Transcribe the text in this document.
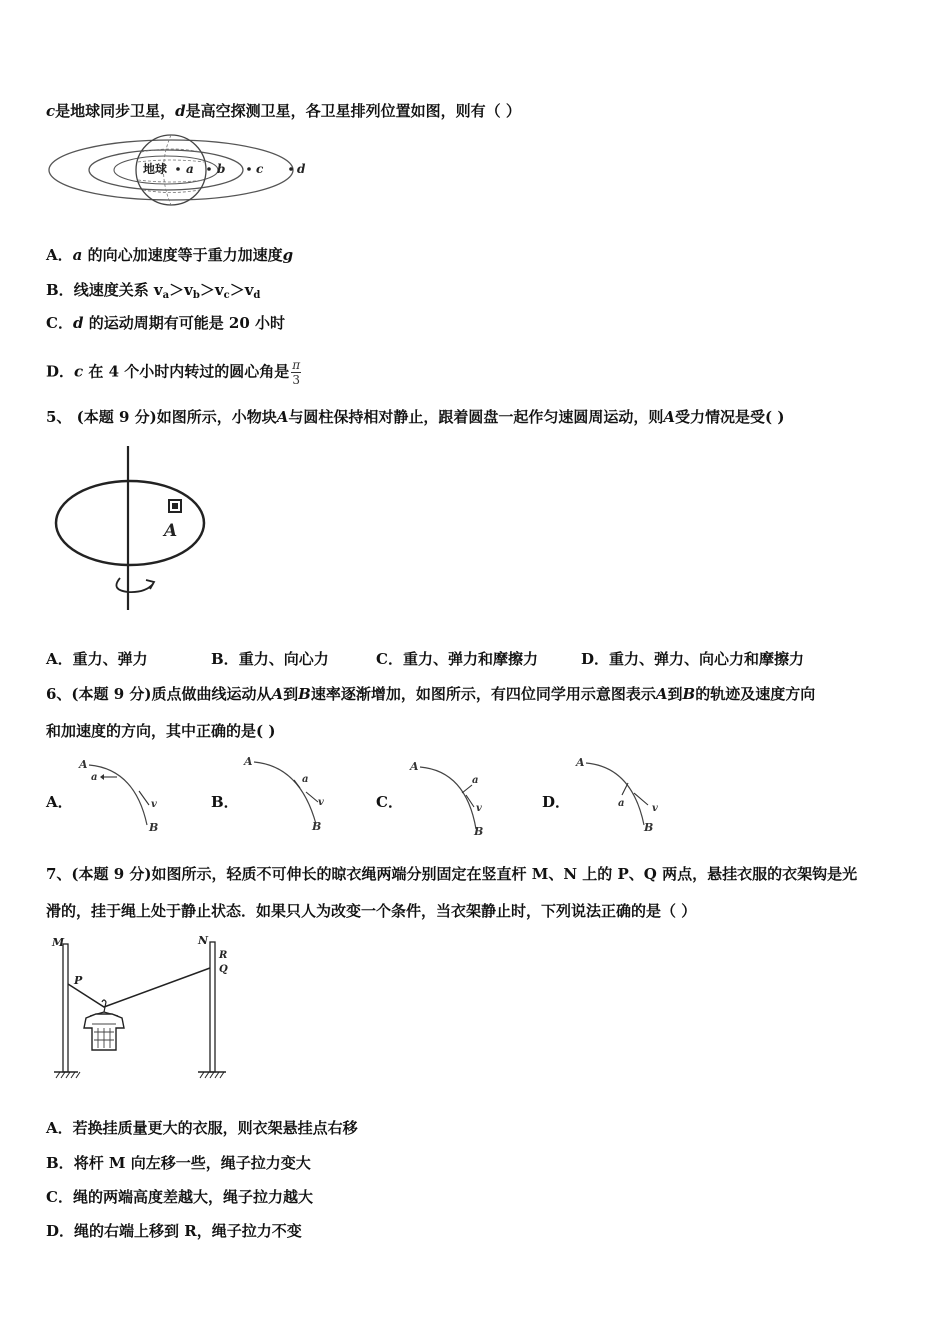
c是地球同步卫星，d是高空探测卫星，各卫星排列位置如图，则有（ ）
地球 a b	c	d
A．a 的向心加速度等于重力加速度g
B．线速度关系 $v_a>v_b>v_c>v_d$
C．d 的运动周期有可能是 20 小时
D．c 在 4 个小时内转过的圆心角是 $\frac{\pi}{3}$
5、 (本题 9 分)如图所示，小物块A与圆柱保持相对静止，跟着圆盘一起作匀速圆周运动，则A受力情况是受( )
A
A．重力、弹力	B．重力、向心力	C．重力、弹力和摩擦力	D．重力、弹力、向心力和摩擦力
6、(本题 9 分)质点做曲线运动从A到B速率逐渐增加，如图所示，有四位同学用示意图表示A到B的轨迹及速度方向
和加速度的方向，其中正确的是( )
A．	B．	C．	D．
A
B
a
v
A
B
a
v
A
B
a
v
A
B
a	v
7、(本题 9 分)如图所示，轻质不可伸长的晾衣绳两端分别固定在竖直杆 M、N 上的 P、Q 两点，悬挂衣服的衣架钩是光
滑的，挂于绳上处于静止状态．如果只人为改变一个条件，当衣架静止时，下列说法正确的是（ ）
M	N
R
Q
P
A．若换挂质量更大的衣服，则衣架悬挂点右移
B．将杆 M 向左移一些，绳子拉力变大
C．绳的两端高度差越大，绳子拉力越大
D．绳的右端上移到 R，绳子拉力不变
